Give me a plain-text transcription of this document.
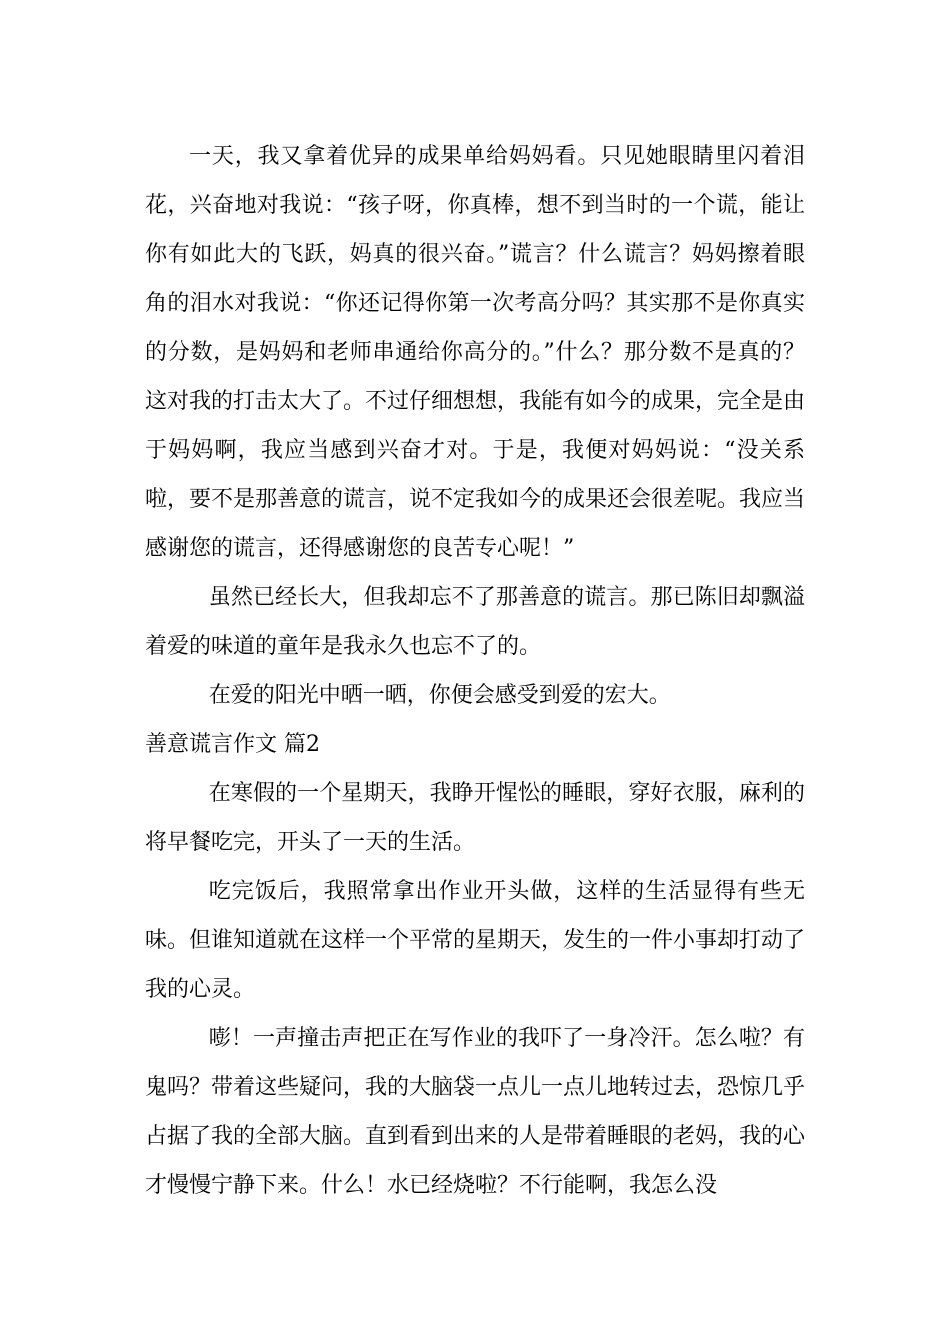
一天，我又拿着优异的成果单给妈妈看。只见她眼睛里闪着泪花，兴奋地对我说：“孩子呀，你真棒，想不到当时的一个谎，能让你有如此大的飞跃，妈真的很兴奋。”谎言？什么谎言？妈妈擦着眼角的泪水对我说：“你还记得你第一次考高分吗？其实那不是你真实的分数，是妈妈和老师串通给你高分的。”什么？那分数不是真的？这对我的打击太大了。不过仔细想想，我能有如今的成果，完全是由于妈妈啊，我应当感到兴奋才对。于是，我便对妈妈说：“没关系啦，要不是那善意的谎言，说不定我如今的成果还会很差呢。我应当感谢您的谎言，还得感谢您的良苦专心呢！”

虽然已经长大，但我却忘不了那善意的谎言。那已陈旧却飘溢着爱的味道的童年是我永久也忘不了的。

在爱的阳光中晒一晒，你便会感受到爱的宏大。

善意谎言作文 篇2

在寒假的一个星期天，我睁开惺忪的睡眼，穿好衣服，麻利的将早餐吃完，开头了一天的生活。

吃完饭后，我照常拿出作业开头做，这样的生活显得有些无味。但谁知道就在这样一个平常的星期天，发生的一件小事却打动了我的心灵。

嘭！一声撞击声把正在写作业的我吓了一身冷汗。怎么啦？有鬼吗？带着这些疑问，我的大脑袋一点儿一点儿地转过去，恐惊几乎占据了我的全部大脑。直到看到出来的人是带着睡眼的老妈，我的心才慢慢宁静下来。什么！水已经烧啦？不行能啊，我怎么没
